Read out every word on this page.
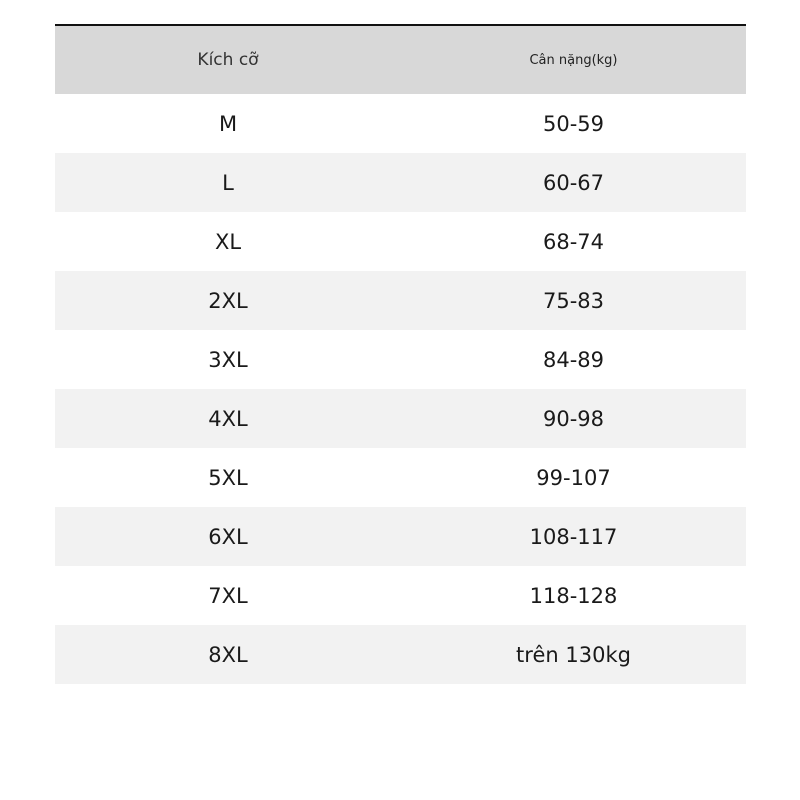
Kích cỡ	Cân nặng(kg)
M	50-59
L	60-67
XL	68-74
2XL	75-83
3XL	84-89
4XL	90-98
5XL	99-107
6XL	108-117
7XL	118-128
8XL	trên 130kg
